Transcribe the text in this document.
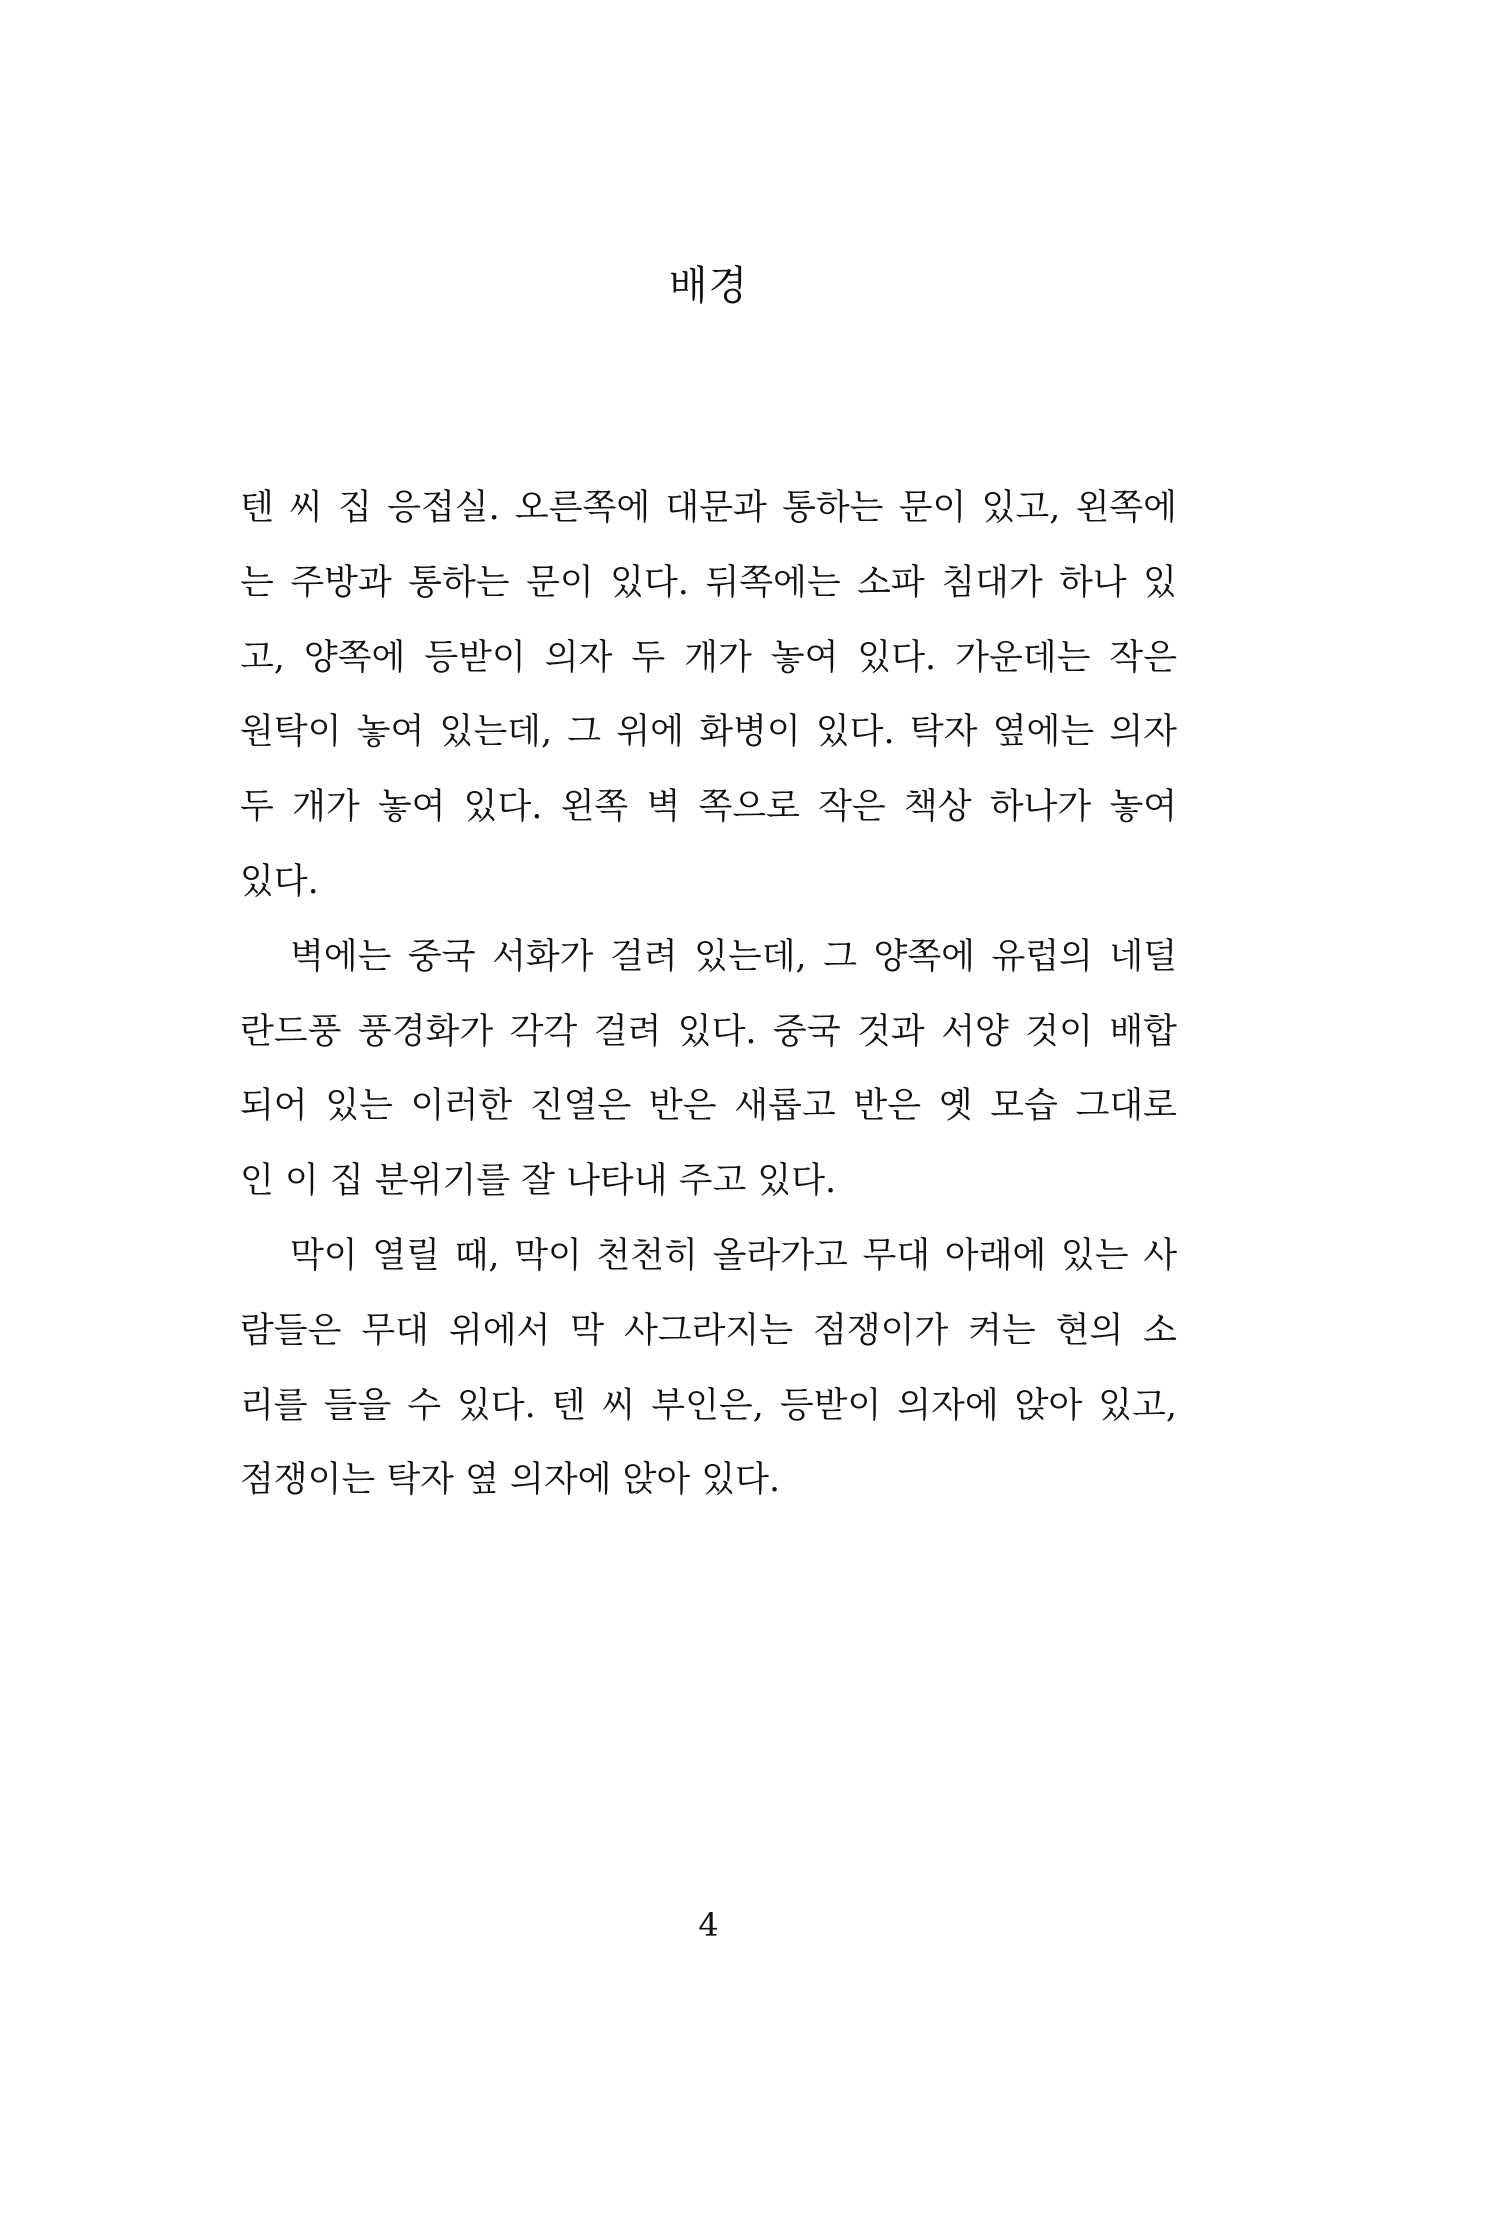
배경
텐 씨 집 응접실. 오른쪽에 대문과 통하는 문이 있고, 왼쪽에
는 주방과 통하는 문이 있다. 뒤쪽에는 소파 침대가 하나 있
고, 양쪽에 등받이 의자 두 개가 놓여 있다. 가운데는 작은
원탁이 놓여 있는데, 그 위에 화병이 있다. 탁자 옆에는 의자
두 개가 놓여 있다. 왼쪽 벽 쪽으로 작은 책상 하나가 놓여
있다.
벽에는 중국 서화가 걸려 있는데, 그 양쪽에 유럽의 네덜
란드풍 풍경화가 각각 걸려 있다. 중국 것과 서양 것이 배합
되어 있는 이러한 진열은 반은 새롭고 반은 옛 모습 그대로
인 이 집 분위기를 잘 나타내 주고 있다.
막이 열릴 때, 막이 천천히 올라가고 무대 아래에 있는 사
람들은 무대 위에서 막 사그라지는 점쟁이가 켜는 현의 소
리를 들을 수 있다. 텐 씨 부인은, 등받이 의자에 앉아 있고,
점쟁이는 탁자 옆 의자에 앉아 있다.
4
